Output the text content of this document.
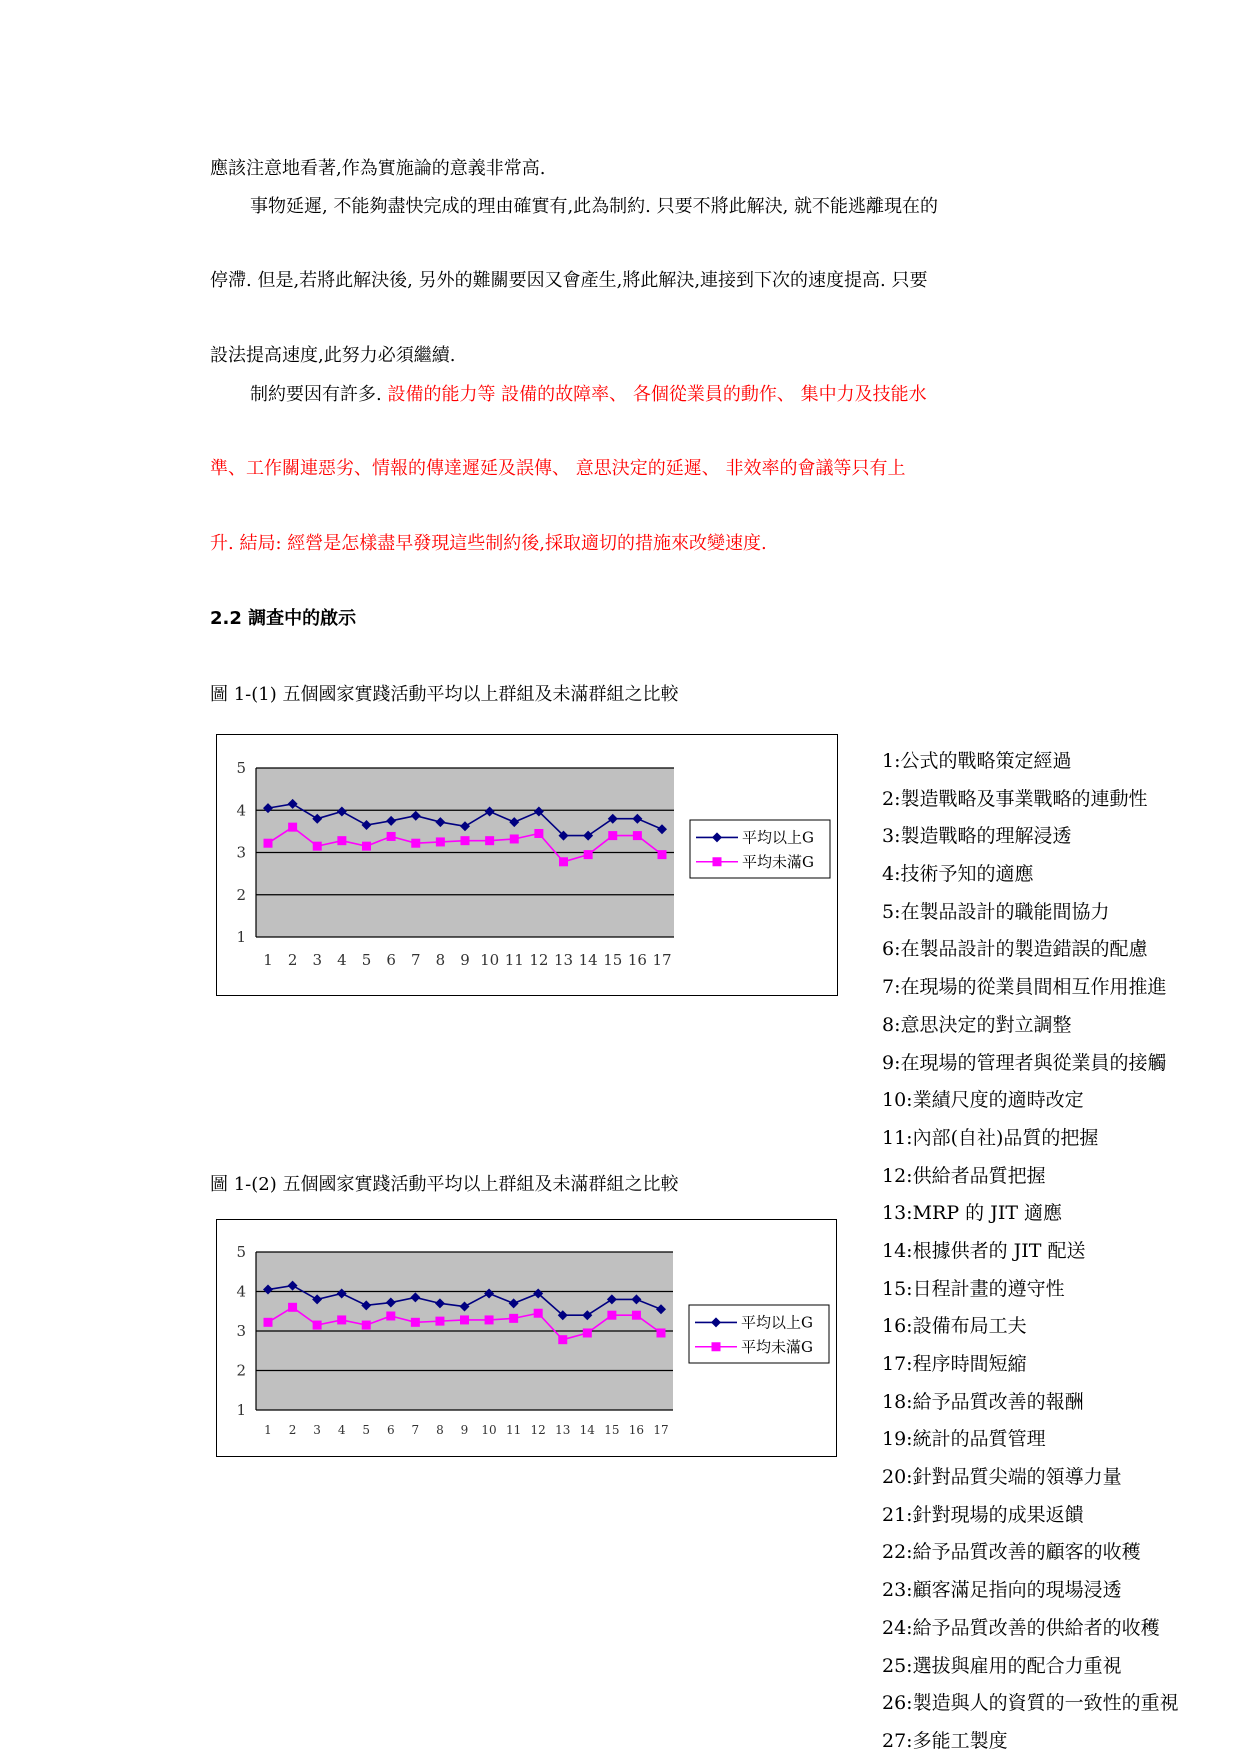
應該注意地看著,作為實施論的意義非常高.
事物延遲, 不能夠盡快完成的理由確實有,此為制約. 只要不將此解決, 就不能逃離現在的
停滯. 但是,若將此解決後, 另外的難關要因又會產生,將此解決,連接到下次的速度提高. 只要
設法提高速度,此努力必須繼續.
制約要因有許多. 設備的能力等 設備的故障率、 各個從業員的動作、 集中力及技能水
準、工作關連惡劣、情報的傳達遲延及誤傳、 意思決定的延遲、 非效率的會議等只有上
升. 結局: 經營是怎樣盡早發現這些制約後,採取適切的措施來改變速度.
2.2 調查中的啟示
圖 1-(1) 五個國家實踐活動平均以上群組及未滿群組之比較
1
2
3
4
5
1 2 3 4 5 6 7 8 9 10 11 12 13 14 15 16 17
平均以上G
平均未滿G
圖 1-(2) 五個國家實踐活動平均以上群組及未滿群組之比較
1
2
3
4
5
1 2 3 4 5 6 7 8 9 10 11 12 13 14 15 16 17
平均以上G
平均未滿G
1:公式的戰略策定經過
2:製造戰略及事業戰略的連動性
3:製造戰略的理解浸透
4:技術予知的適應
5:在製品設計的職能間協力
6:在製品設計的製造錯誤的配慮
7:在現場的從業員間相互作用推進
8:意思決定的對立調整
9:在現場的管理者與從業員的接觸
10:業績尺度的適時改定
11:內部(自社)品質的把握
12:供給者品質把握
13:MRP 的 JIT 適應
14:根據供者的 JIT 配送
15:日程計畫的遵守性
16:設備布局工夫
17:程序時間短縮
18:給予品質改善的報酬
19:統計的品質管理
20:針對品質尖端的領導力量
21:針對現場的成果返饋
22:給予品質改善的顧客的收穫
23:顧客滿足指向的現場浸透
24:給予品質改善的供給者的收穫
25:選拔與雇用的配合力重視
26:製造與人的資質的一致性的重視
27:多能工製度
